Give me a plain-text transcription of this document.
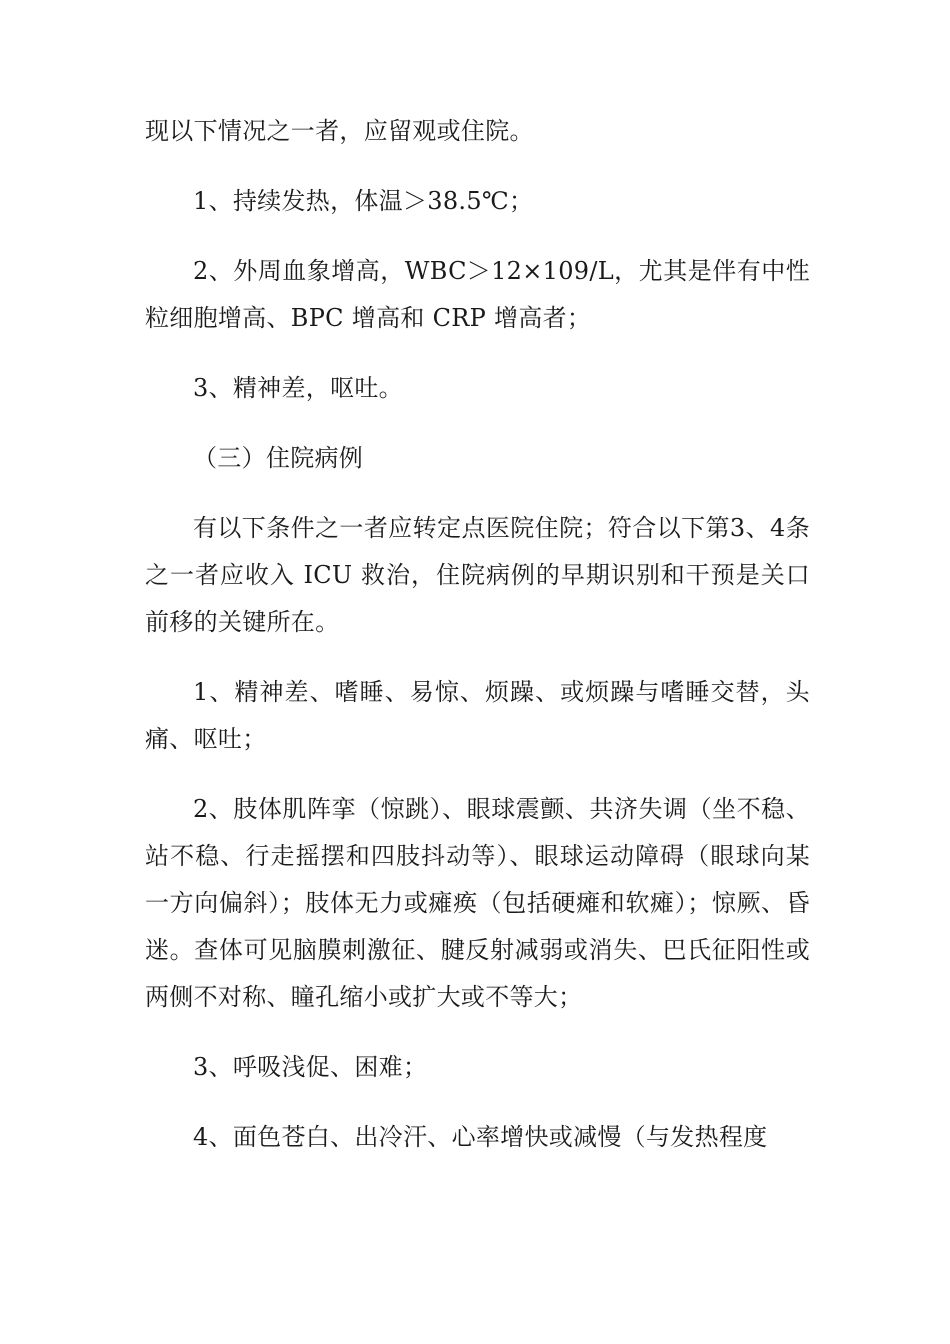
现以下情况之一者，应留观或住院。

1、持续发热，体温＞38.5℃；

2、外周血象增高，WBC＞12×109/L，尤其是伴有中性粒细胞增高、BPC 增高和 CRP 增高者；

3、精神差，呕吐。

（三）住院病例

有以下条件之一者应转定点医院住院；符合以下第3、4条之一者应收入 ICU 救治，住院病例的早期识别和干预是关口前移的关键所在。

1、精神差、嗜睡、易惊、烦躁、或烦躁与嗜睡交替，头痛、呕吐；

2、肢体肌阵挛（惊跳）、眼球震颤、共济失调（坐不稳、站不稳、行走摇摆和四肢抖动等）、眼球运动障碍（眼球向某一方向偏斜）；肢体无力或瘫痪（包括硬瘫和软瘫）；惊厥、昏迷。查体可见脑膜刺激征、腱反射减弱或消失、巴氏征阳性或两侧不对称、瞳孔缩小或扩大或不等大；

3、呼吸浅促、困难；

4、面色苍白、出冷汗、心率增快或减慢（与发热程度
